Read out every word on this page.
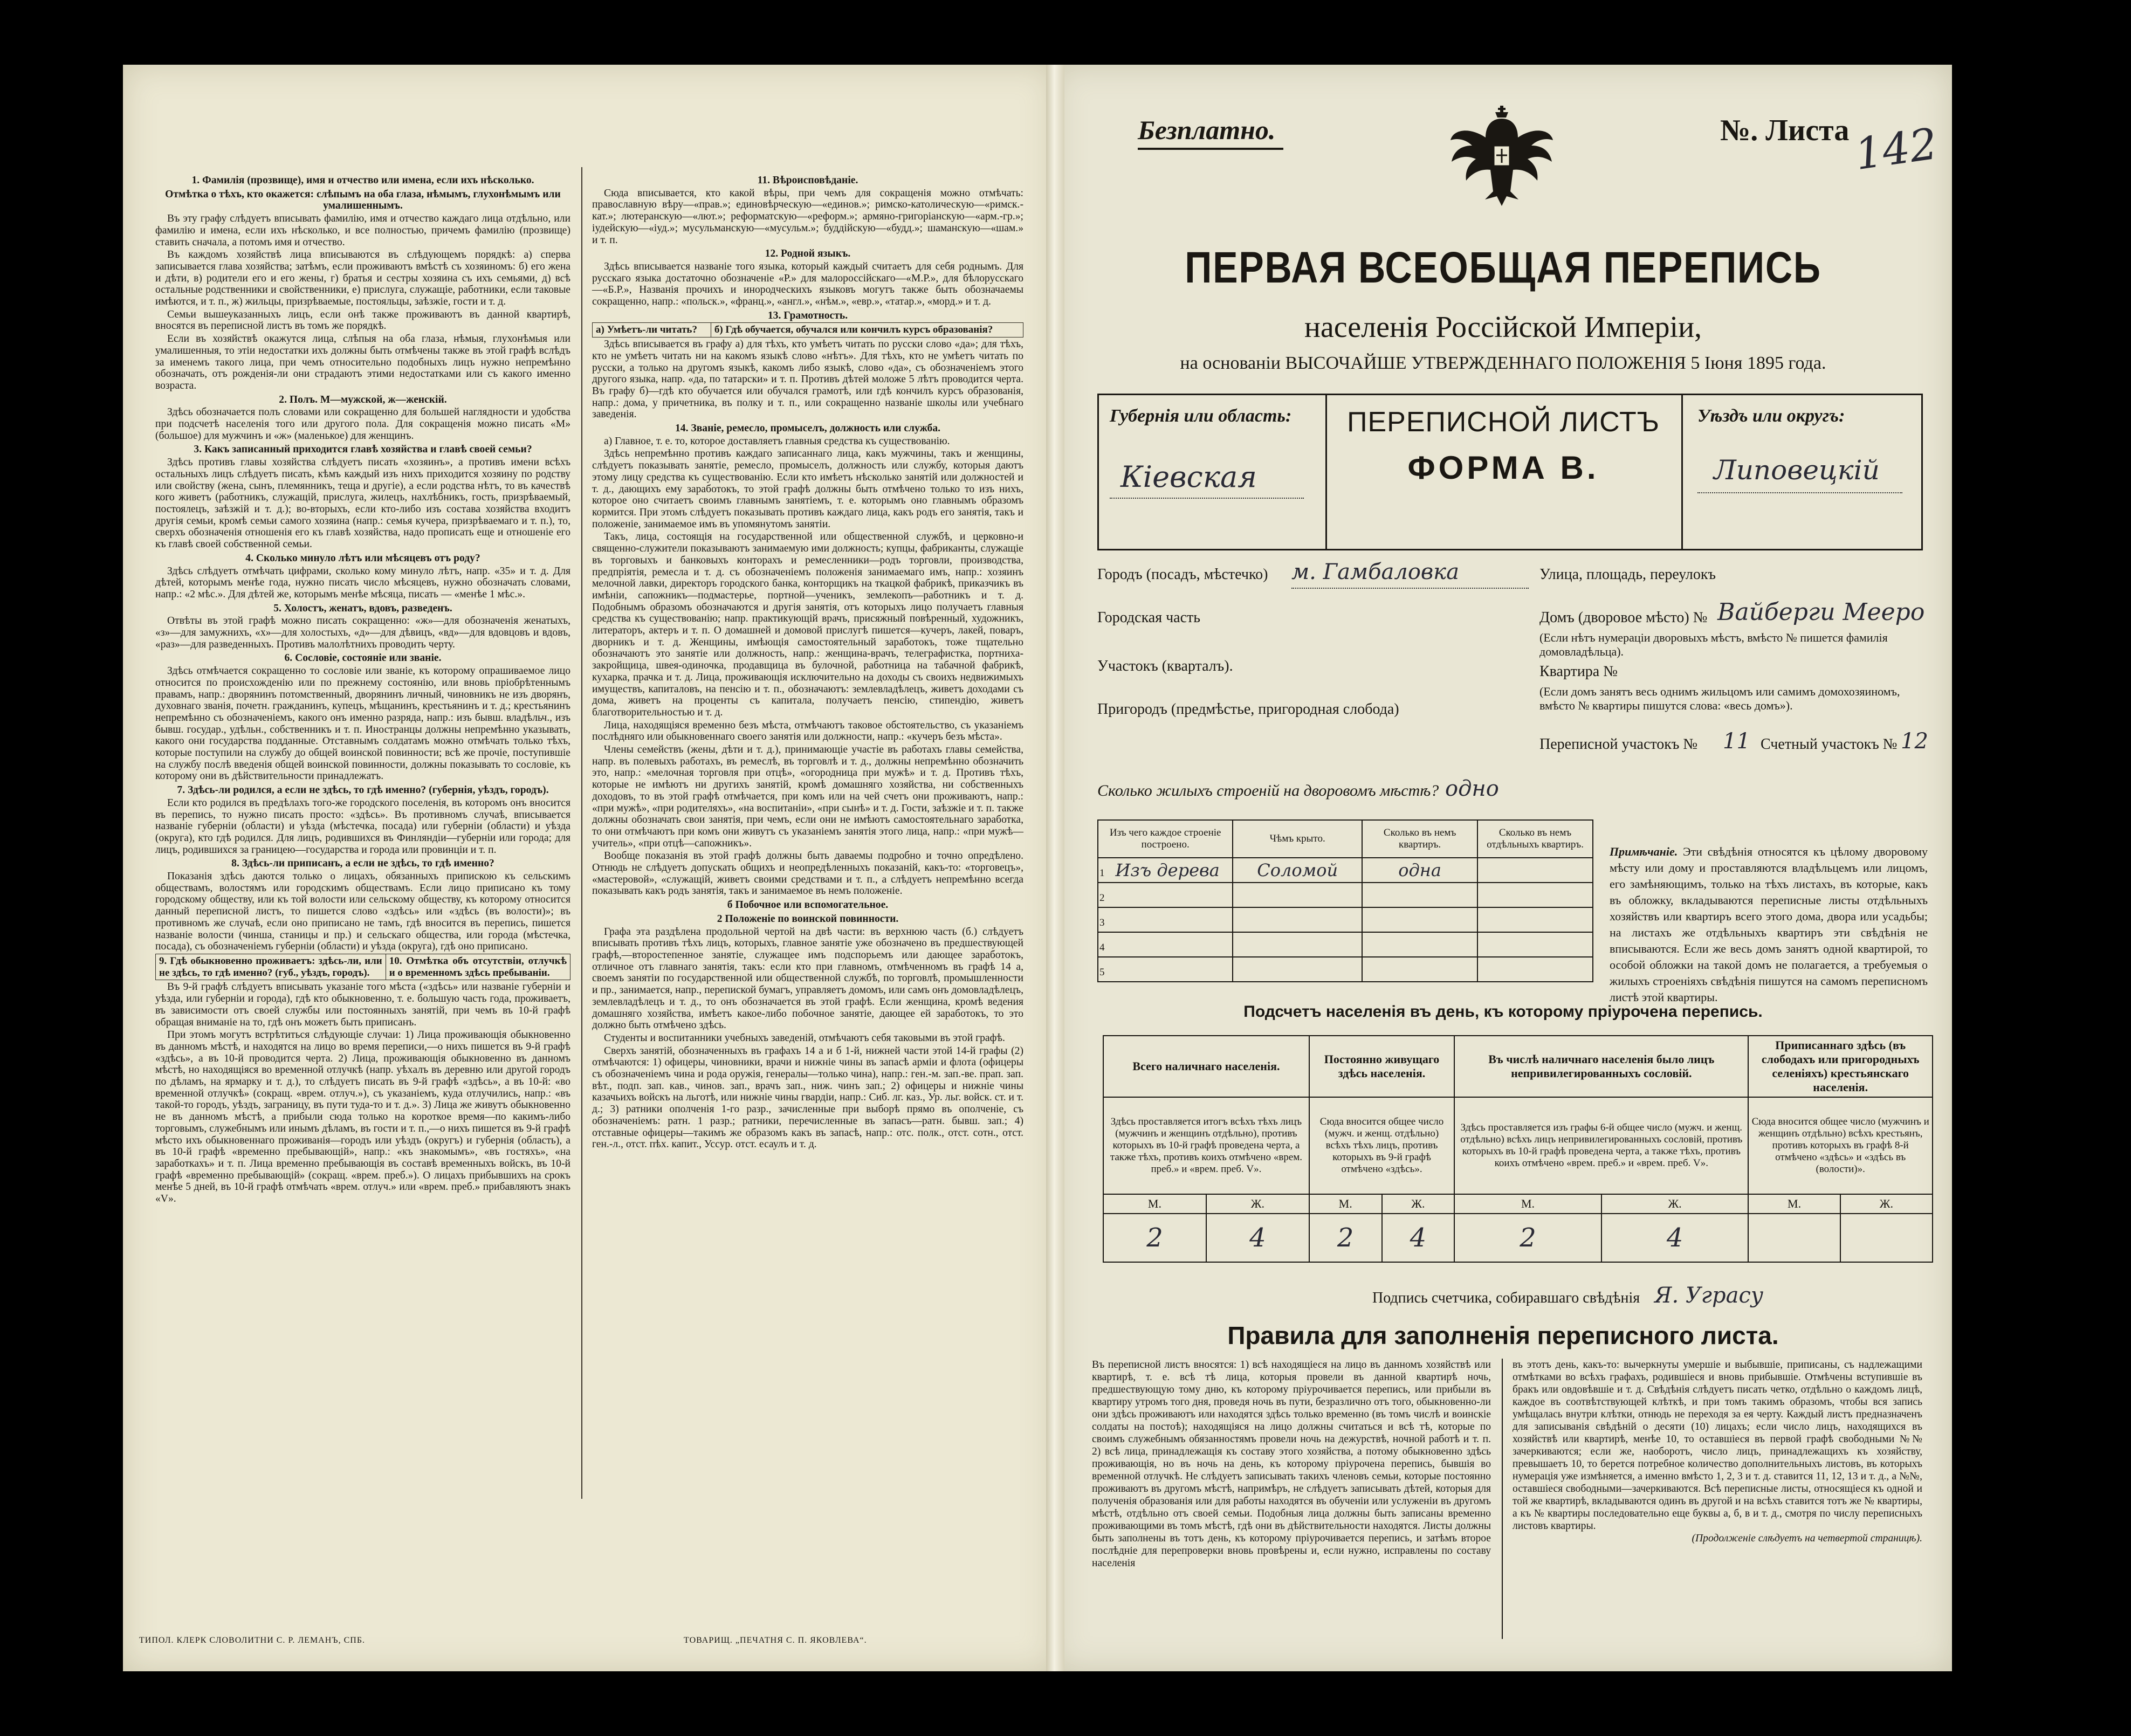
1. Фамилія (прозвище), имя и отчество или имена, если ихъ нѣсколько.
Отмѣтка о тѣхъ, кто окажется: слѣпымъ на оба глаза, нѣмымъ, глухонѣмымъ или умалишеннымъ.
Въ эту графу слѣдуетъ вписывать фамилію, имя и отчество каждаго лица отдѣльно, или фамилію и имена, если ихъ нѣсколько, и все полностью, причемъ фамилію (прозвище) ставить сначала, а потомъ имя и отчество.
Въ каждомъ хозяйствѣ лица вписываются въ слѣдующемъ порядкѣ: а) сперва записывается глава хозяйства; затѣмъ, если проживаютъ вмѣстѣ съ хозяиномъ: б) его жена и дѣти, в) родители его и его жены, г) братья и сестры хозяина съ ихъ семьями, д) всѣ остальные родственники и свойственники, е) прислуга, служащіе, работники, если таковые имѣются, и т. п., ж) жильцы, призрѣваемые, постояльцы, заѣзжіе, гости и т. д.
Семьи вышеуказанныхъ лицъ, если онѣ также проживаютъ въ данной квартирѣ, вносятся въ переписной листъ въ томъ же порядкѣ.
Если въ хозяйствѣ окажутся лица, слѣпыя на оба глаза, нѣмыя, глухонѣмыя или умалишенныя, то этіи недостатки ихъ должны быть отмѣчены также въ этой графѣ вслѣдъ за именемъ такого лица, при чемъ относительно подобныхъ лицъ нужно непремѣнно обозначать, отъ рожденія-ли они страдаютъ этими недостатками или съ какого именно возраста.
2. Полъ. М—мужской, ж—женскій.
Здѣсь обозначается полъ словами или сокращенно для большей наглядности и удобства при подсчетѣ населенія того или другого пола. Для сокращенія можно писать «М» (большое) для мужчинъ и «ж» (маленькое) для женщинъ.
3. Какъ записанный приходится главѣ хозяйства и главѣ своей семьи?
Здѣсь противъ главы хозяйства слѣдуетъ писать «хозяинъ», а противъ имени всѣхъ остальныхъ лицъ слѣдуетъ писать, кѣмъ каждый изъ нихъ приходится хозяину по родству или свойству (жена, сынъ, племянникъ, теща и другіе), а если родства нѣтъ, то въ качествѣ кого живетъ (работникъ, служащій, прислуга, жилецъ, нахлѣбникъ, гость, призрѣваемый, постоялецъ, заѣзжій и т. д.); во-вторыхъ, если кто-либо изъ состава хозяйства входитъ другія семьи, кромѣ семьи самого хозяина (напр.: семья кучера, призрѣваемаго и т. п.), то, сверхъ обозначенія отношенія его къ главѣ хозяйства, надо прописать еще и отношеніе его къ главѣ своей собственной семьи.
4. Сколько минуло лѣтъ или мѣсяцевъ отъ роду?
Здѣсь слѣдуетъ отмѣчать цифрами, сколько кому минуло лѣтъ, напр. «35» и т. д. Для дѣтей, которымъ менѣе года, нужно писать число мѣсяцевъ, нужно обозначать словами, напр.: «2 мѣс.». Для дѣтей же, которымъ менѣе мѣсяца, писать — «менѣе 1 мѣс.».
5. Холостъ, женатъ, вдовъ, разведенъ.
Отвѣты въ этой графѣ можно писать сокращенно: «ж»—для обозначенія женатыхъ, «з»—для замужнихъ, «х»—для холостыхъ, «д»—для дѣвицъ, «вд»—для вдовцовъ и вдовъ, «раз»—для разведенныхъ. Противъ малолѣтнихъ проводить черту.
6. Сословіе, состояніе или званіе.
Здѣсь отмѣчается сокращенно то сословіе или званіе, къ которому опрашиваемое лицо относится по происхожденію или по прежнему состоянію, или вновь пріобрѣтеннымъ правамъ, напр.: дворянинъ потомственный, дворянинъ личный, чиновникъ не изъ дворянъ, духовнаго званія, почетн. гражданинъ, купецъ, мѣщанинъ, крестьянинъ и т. д.; крестьянинъ непремѣнно съ обозначеніемъ, какого онъ именно разряда, напр.: изъ бывш. владѣльч., изъ бывш. государ., удѣльн., собственникъ и т. п. Иностранцы должны непремѣнно указывать, какого они государства подданные. Отставнымъ солдатамъ можно отмѣчать только тѣхъ, которые поступили на службу до общей воинской повинности; всѣ же прочіе, поступившіе на службу послѣ введенія общей воинской повинности, должны показывать то сословіе, къ которому они въ дѣйствительности принадлежатъ.
7. Здѣсь-ли родился, а если не здѣсь, то гдѣ именно? (губернія, уѣздъ, городъ).
Если кто родился въ предѣлахъ того-же городского поселенія, въ которомъ онъ вносится въ перепись, то нужно писать просто: «здѣсь». Въ противномъ случаѣ, вписывается названіе губерніи (области) и уѣзда (мѣстечка, посада) или губерніи (области) и уѣзда (округа), кто гдѣ родился. Для лицъ, родившихся въ Финляндіи—губерніи или города; для лицъ, родившихся за границею—государства и города или провинціи и т. п.
8. Здѣсь-ли приписанъ, а если не здѣсь, то гдѣ именно?
Показанія здѣсь даются только о лицахъ, обязанныхъ припискою къ сельскимъ обществамъ, волостямъ или городскимъ обществамъ. Если лицо приписано къ тому городскому обществу, или къ той волости или сельскому обществу, къ которому относится данный переписной листъ, то пишется слово «здѣсь» или «здѣсь (въ волости)»; въ противномъ же случаѣ, если оно приписано не тамъ, гдѣ вносится въ перепись, пишется названіе волости (чинша, станицы и пр.) и сельскаго общества, или города (мѣстечка, посада), съ обозначеніемъ губерніи (области) и уѣзда (округа), гдѣ оно приписано.
9. Гдѣ обыкновенно проживаетъ: здѣсь-ли, или не здѣсь, то гдѣ именно? (губ., уѣздъ, городъ).	10. Отмѣтка объ отсутствіи, отлучкѣ и о временномъ здѣсь пребываніи.
Въ 9-й графѣ слѣдуетъ вписывать указаніе того мѣста («здѣсь» или названіе губерніи и уѣзда, или губерніи и города), гдѣ кто обыкновенно, т. е. большую часть года, проживаетъ, въ зависимости отъ своей службы или постоянныхъ занятій, при чемъ въ 10-й графѣ обращая вниманіе на то, гдѣ онъ можетъ быть приписанъ.
При этомъ могутъ встрѣтиться слѣдующіе случаи: 1) Лица проживающія обыкновенно въ данномъ мѣстѣ, и находятся на лицо во время переписи,—о нихъ пишется въ 9-й графѣ «здѣсь», а въ 10-й проводится черта. 2) Лица, проживающія обыкновенно въ данномъ мѣстѣ, но находящіяся во временной отлучкѣ (напр. уѣхалъ въ деревню или другой городъ по дѣламъ, на ярмарку и т. д.), то слѣдуетъ писать въ 9-й графѣ «здѣсь», а въ 10-й: «во временной отлучкѣ» (сокращ. «врем. отлуч.»), съ указаніемъ, куда отлучились, напр.: «въ такой-то городъ, уѣздъ, заграницу, въ пути туда-то и т. д.». 3) Лица же живутъ обыкновенно не въ данномъ мѣстѣ, а прибыли сюда только на короткое время—по какимъ-либо торговымъ, служебнымъ или инымъ дѣламъ, въ гости и т. п.,—о нихъ пишется въ 9-й графѣ мѣсто ихъ обыкновеннаго проживанія—городъ или уѣздъ (округъ) и губернія (область), а въ 10-й графѣ «временно пребывающій», напр.: «къ знакомымъ», «въ гостяхъ», «на заработкахъ» и т. п. Лица временно пребывающія въ составѣ временныхъ войскъ, въ 10-й графѣ «временно пребывающій» (сокращ. «врем. преб.»). О лицахъ прибывшихъ на срокъ менѣе 5 дней, въ 10-й графѣ отмѣчать «врем. отлуч.» или «врем. преб.» прибавляютъ знакъ «V».
11. Вѣроисповѣданіе.
Сюда вписывается, кто какой вѣры, при чемъ для сокращенія можно отмѣчать: православную вѣру—«прав.»; единовѣрческую—«единов.»; римско-католическую—«римск.-кат.»; лютеранскую—«лют.»; реформатскую—«реформ.»; армяно-григоріанскую—«арм.-гр.»; іудейскую—«іуд.»; мусульманскую—«мусульм.»; буддійскую—«будд.»; шаманскую—«шам.» и т. п.
12. Родной языкъ.
Здѣсь вписывается названіе того языка, который каждый считаетъ для себя роднымъ. Для русскаго языка достаточно обозначеніе «Р.» для малороссійскаго—«М.Р.», для бѣлорусскаго—«Б.Р.», Названія прочихъ и инородческихъ языковъ могутъ также быть обозначаемы сокращенно, напр.: «польск.», «франц.», «англ.», «нѣм.», «евр.», «татар.», «морд.» и т. д.
13. Грамотность.
а) Умѣетъ-ли читать?	б) Гдѣ обучается, обучался или кончилъ курсъ образованія?
Здѣсь вписывается въ графу а) для тѣхъ, кто умѣетъ читать по русски слово «да»; для тѣхъ, кто не умѣетъ читать ни на какомъ языкѣ слово «нѣтъ». Для тѣхъ, кто не умѣетъ читать по русски, а только на другомъ языкѣ, какомъ либо языкѣ, слово «да», съ обозначеніемъ этого другого языка, напр. «да, по татарски» и т. п. Противъ дѣтей моложе 5 лѣтъ проводится черта. Въ графу б)—гдѣ кто обучается или обучался грамотѣ, или гдѣ кончилъ курсъ образованія, напр.: дома, у причетника, въ полку и т. п., или сокращенно названіе школы или учебнаго заведенія.
14. Званіе, ремесло, промыселъ, должность или служба.
а) Главное, т. е. то, которое доставляетъ главныя средства къ существованію.
Здѣсь непремѣнно противъ каждаго записаннаго лица, какъ мужчины, такъ и женщины, слѣдуетъ показывать занятіе, ремесло, промыселъ, должность или службу, которыя даютъ этому лицу средства къ существованію. Если кто имѣетъ нѣсколько занятій или должностей и т. д., дающихъ ему заработокъ, то этой графѣ должны быть отмѣчено только то изъ нихъ, которое оно считаетъ своимъ главнымъ занятіемъ, т. е. которымъ оно главнымъ образомъ кормится. При этомъ слѣдуетъ показывать противъ каждаго лица, какъ родъ его занятія, такъ и положеніе, занимаемое имъ въ упомянутомъ занятіи.
Такъ, лица, состоящія на государственной или общественной службѣ, и церковно-и священно-служители показываютъ занимаемую ими должность; купцы, фабриканты, служащіе въ торговыхъ и банковыхъ конторахъ и ремесленники—родъ торговли, производства, предпріятія, ремесла и т. д. съ обозначеніемъ положенія занимаемаго имъ, напр.: хозяинъ мелочной лавки, директоръ городского банка, конторщикъ на ткацкой фабрикѣ, приказчикъ въ имѣніи, сапожникъ—подмастерье, портной—ученикъ, землекопъ—работникъ и т. д. Подобнымъ образомъ обозначаются и другія занятія, отъ которыхъ лицо получаетъ главныя средства къ существованію; напр. практикующій врачъ, присяжный повѣренный, художникъ, литераторъ, актеръ и т. п. О домашней и домовой прислугѣ пишется—кучеръ, лакей, поваръ, дворникъ и т. д. Женщины, имѣющія самостоятельный заработокъ, тоже тщательно обозначаютъ это занятіе или должность, напр.: женщина-врачъ, телеграфистка, портниха-закройщица, швея-одиночка, продавщица въ булочной, работница на табачной фабрикѣ, кухарка, прачка и т. д. Лица, проживающія исключительно на доходы съ своихъ недвижимыхъ имуществъ, капиталовъ, на пенсію и т. п., обозначаютъ: землевладѣлецъ, живетъ доходами съ дома, живетъ на проценты съ капитала, получаетъ пенсію, стипендію, живетъ благотворительностью и т. д.
Лица, находящіяся временно безъ мѣста, отмѣчаютъ таковое обстоятельство, съ указаніемъ послѣдняго или обыкновеннаго своего занятія или должности, напр.: «кучеръ безъ мѣста».
Члены семействъ (жены, дѣти и т. д.), принимающіе участіе въ работахъ главы семейства, напр. въ полевыхъ работахъ, въ ремеслѣ, въ торговлѣ и т. д., должны непремѣнно обозначить это, напр.: «мелочная торговля при отцѣ», «огородница при мужѣ» и т. д. Противъ тѣхъ, которые не имѣютъ ни другихъ занятій, кромѣ домашняго хозяйства, ни собственныхъ доходовъ, то въ этой графѣ отмѣчается, при комъ или на чей счетъ они проживаютъ, напр.: «при мужѣ», «при родителяхъ», «на воспитаніи», «при сынѣ» и т. д. Гости, заѣзжіе и т. п. также должны обозначать свои занятія, при чемъ, если они не имѣютъ самостоятельнаго заработка, то они отмѣчаютъ при комъ они живутъ съ указаніемъ занятія этого лица, напр.: «при мужѣ—учитель», «при отцѣ—сапожникъ».
Вообще показанія въ этой графѣ должны быть даваемы подробно и точно опредѣлено. Отнюдь не слѣдуетъ допускать общихъ и неопредѣленныхъ показаній, какъ-то: «торговецъ», «мастеровой», «служащій, живетъ своими средствами и т. п., а слѣдуетъ непремѣнно всегда показывать какъ родъ занятія, такъ и занимаемое въ немъ положеніе.
б Побочное или вспомогательное.
2 Положеніе по воинской повинности.
Графа эта раздѣлена продольной чертой на двѣ части: въ верхнюю часть (б.) слѣдуетъ вписывать противъ тѣхъ лицъ, которыхъ, главное занятіе уже обозначено въ предшествующей графѣ,—второстепенное занятіе, служащее имъ подспорьемъ или дающее заработокъ, отличное отъ главнаго занятія, такъ: если кто при главномъ, отмѣченномъ въ графѣ 14 а, своемъ занятіи по государственной или общественной службѣ, по торговлѣ, промышленности и пр., занимается, напр., перепиской бумагъ, управляетъ домомъ, или самъ онъ домовладѣлецъ, землевладѣлецъ и т. д., то онъ обозначается въ этой графѣ. Если женщина, кромѣ ведения домашняго хозяйства, имѣетъ какое-либо побочное занятіе, дающее ей заработокъ, то это должно быть отмѣчено здѣсь.
Студенты и воспитанники учебныхъ заведеній, отмѣчаютъ себя таковыми въ этой графѣ.
Сверхъ занятій, обозначенныхъ въ графахъ 14 а и б 1-й, нижней части этой 14-й графы (2) отмѣчаются: 1) офицеры, чиновники, врачи и нижніе чины въ запасѣ арміи и флота (офицеры съ обозначеніемъ чина и рода оружія, генералы—только чина), напр.: ген.-м. зап.-ве. прап. зап. вѣт., подп. зап. кав., чинов. зап., врачъ зап., ниж. чинъ зап.; 2) офицеры и нижніе чины казачьихъ войскъ на льготѣ, или нижніе чины гвардіи, напр.: Сиб. лг. каз., Ур. льг. войск. ст. и т. д.; 3) ратники ополченія 1-го разр., зачисленные при выборѣ прямо въ ополченіе, съ обозначеніемъ: ратн. 1 разр.; ратники, перечисленные въ запасъ—ратн. бывш. зап.; 4) отставные офицеры—такимъ же образомъ какъ въ запасѣ, напр.: отс. полк., отст. сотн., отст. ген.-л., отст. пѣх. капит., Уссур. отст. есаулъ и т. д.
ТИПОЛ. КЛЕРК СЛОВОЛИТНИ С. Р. ЛЕМАНЪ, СПБ.	ТОВАРИЩ. „ПЕЧАТНЯ С. П. ЯКОВЛЕВА“.
Безплатно.	№. Листа 142
ПЕРВАЯ ВСЕОБЩАЯ ПЕРЕПИСЬ
населенія Россійской Имперіи,
на основаніи ВЫСОЧАЙШЕ УТВЕРЖДЕННАГО ПОЛОЖЕНІЯ 5 Іюня 1895 года.
Губернія или область:
Кіевская
ПЕРЕПИСНОЙ ЛИСТЪ
ФОРМА В.
Уѣздъ или округъ:
Липовецкій
Городъ (посадъ, мѣстечко) м. Гамбаловка	Улица, площадь, переулокъ
Городская часть	Домъ (дворовое мѣсто) № Вайберги Мееро
(Если нѣтъ нумераціи дворовыхъ мѣстъ, вмѣсто № пишется фамилія домовладѣльца).
Участокъ (кварталъ).	Квартира №
(Если домъ занятъ весь однимъ жильцомъ или самимъ домохозяиномъ, вмѣсто № квартиры пишутся слова: «весь домъ»).
Пригородъ (предмѣстье, пригородная слобода)
Переписной участокъ № 11 Счетный участокъ № 12
Сколько жилыхъ строеній на дворовомъ мѣстѣ? одно
Изъ чего каждое строеніе построено.	Чѣмъ крыто.	Сколько въ немъ квартиръ.	Сколько въ немъ отдѣльныхъ квартиръ.
1 Изъ дерева	Соломой	одна	
2			
3			
4			
5			
Примѣчаніе. Эти свѣдѣнія относятся къ цѣлому дворовому мѣсту или дому и проставляются владѣльцемъ или лицомъ, его замѣняющимъ, только на тѣхъ листахъ, въ которые, какъ въ обложку, вкладываются переписные листы отдѣльныхъ хозяйствъ или квартиръ всего этого дома, двора или усадьбы; на листахъ же отдѣльныхъ квартиръ эти свѣдѣнія не вписываются. Если же весь домъ занятъ одной квартирой, то особой обложки на такой домъ не полагается, а требуемыя о жилыхъ строеніяхъ свѣдѣнія пишутся на самомъ переписномъ листѣ этой квартиры.
Подсчетъ населенія въ день, къ которому пріурочена перепись.
Всего наличнаго населенія.		Постоянно живущаго здѣсь населенія.		Въ числѣ наличнаго населенія было лицъ непривилегированныхъ сословій.		Приписаннаго здѣсь (въ слободахъ или пригородныхъ селеніяхъ) крестьянскаго населенія.	
Здѣсь проставляется итогъ всѣхъ тѣхъ лицъ (мужчинъ и женщинъ отдѣльно), противъ которыхъ въ 10-й графѣ проведена черта, а также тѣхъ, противъ коихъ отмѣчено «врем. преб.» и «врем. преб. V».		Сюда вносится общее число (мужч. и женщ. отдѣльно) всѣхъ тѣхъ лицъ, противъ которыхъ въ 9-й графѣ отмѣчено «здѣсь».		Здѣсь проставляется изъ графы 6-й общее число (мужч. и женщ. отдѣльно) всѣхъ лицъ непривилегированныхъ сословій, противъ которыхъ въ 10-й графѣ проведена черта, а также тѣхъ, противъ коихъ отмѣчено «врем. преб.» и «врем. преб. V».		Сюда вносится общее число (мужчинъ и женщинъ отдѣльно) всѣхъ крестьянъ, противъ которыхъ въ графѣ 8-й отмѣчено «здѣсь» и «здѣсь въ (волости)».	
М.	Ж.	М.	Ж.	М.	Ж.	М.	Ж.
2	4	2	4	2	4		
Подпись счетчика, собиравшаго свѣдѣнія Я. Уграсу
Правила для заполненія переписного листа.
Въ переписной листъ вносятся: 1) всѣ находящіеся на лицо въ данномъ хозяйствѣ или квартирѣ, т. е. всѣ тѣ лица, которыя провели въ данной квартирѣ ночь, предшествующую тому дню, къ которому пріурочивается перепись, или прибыли въ квартиру утромъ того дня, проведя ночь въ пути, безразлично отъ того, обыкновенно-ли они здѣсь проживаютъ или находятся здѣсь только временно (въ томъ числѣ и воинскіе солдаты на постоѣ); находящіяся на лицо должны считаться и всѣ тѣ, которые по своимъ служебнымъ обязанностямъ провели ночь на дежурствѣ, ночной работѣ и т. п. 2) всѣ лица, принадлежащія къ составу этого хозяйства, а потому обыкновенно здѣсь проживающія, но въ ночь на день, къ которому пріурочена перепись, бывшія во временной отлучкѣ. Не слѣдуетъ записывать такихъ членовъ семьи, которые постоянно проживаютъ въ другомъ мѣстѣ, напримѣръ, не слѣдуетъ записывать дѣтей, которыя для полученія образованія или для работы находятся въ обученіи или услуженіи въ другомъ мѣстѣ, отдѣльно отъ своей семьи. Подобныя лица должны быть записаны временно проживающими въ томъ мѣстѣ, гдѣ они въ дѣйствительности находятся. Листы должны быть заполнены въ тотъ день, къ которому пріурочивается перепись, и затѣмъ второе послѣдніе для перепроверки вновь провѣрены и, если нужно, исправлены по составу населенія
въ этотъ день, какъ-то: вычеркнуты умершіе и выбывшіе, приписаны, съ надлежащими отмѣтками во всѣхъ графахъ, родившіеся и вновь прибывшіе. Отмѣчены вступившіе въ бракъ или овдовѣвшіе и т. д. Свѣдѣнія слѣдуетъ писать четко, отдѣльно о каждомъ лицѣ, каждое въ соотвѣтствующей клѣткѣ, и при томъ такимъ образомъ, чтобы вся запись умѣщалась внутри клѣтки, отнюдь не переходя за ея черту. Каждый листъ предназначенъ для записыванія свѣдѣній о десяти (10) лицахъ; если число лицъ, находящихся въ хозяйствѣ или квартирѣ, менѣе 10, то оставшіеся въ первой графѣ свободными №№ зачеркиваются; если же, наоборотъ, число лицъ, принадлежащихъ къ хозяйству, превышаетъ 10, то берется потребное количество дополнительныхъ листовъ, въ которыхъ нумерація уже измѣняется, а именно вмѣсто 1, 2, 3 и т. д. ставится 11, 12, 13 и т. д., а №№, оставшіеся свободными—зачеркиваются. Всѣ переписные листы, относящіеся къ одной и той же квартирѣ, вкладываются одинъ въ другой и на всѣхъ ставится тотъ же № квартиры, а къ № квартиры последовательно еще буквы а, б, в и т. д., смотря по числу переписныхъ листовъ квартиры.
(Продолженіе слѣдуетъ на четвертой страницѣ).
